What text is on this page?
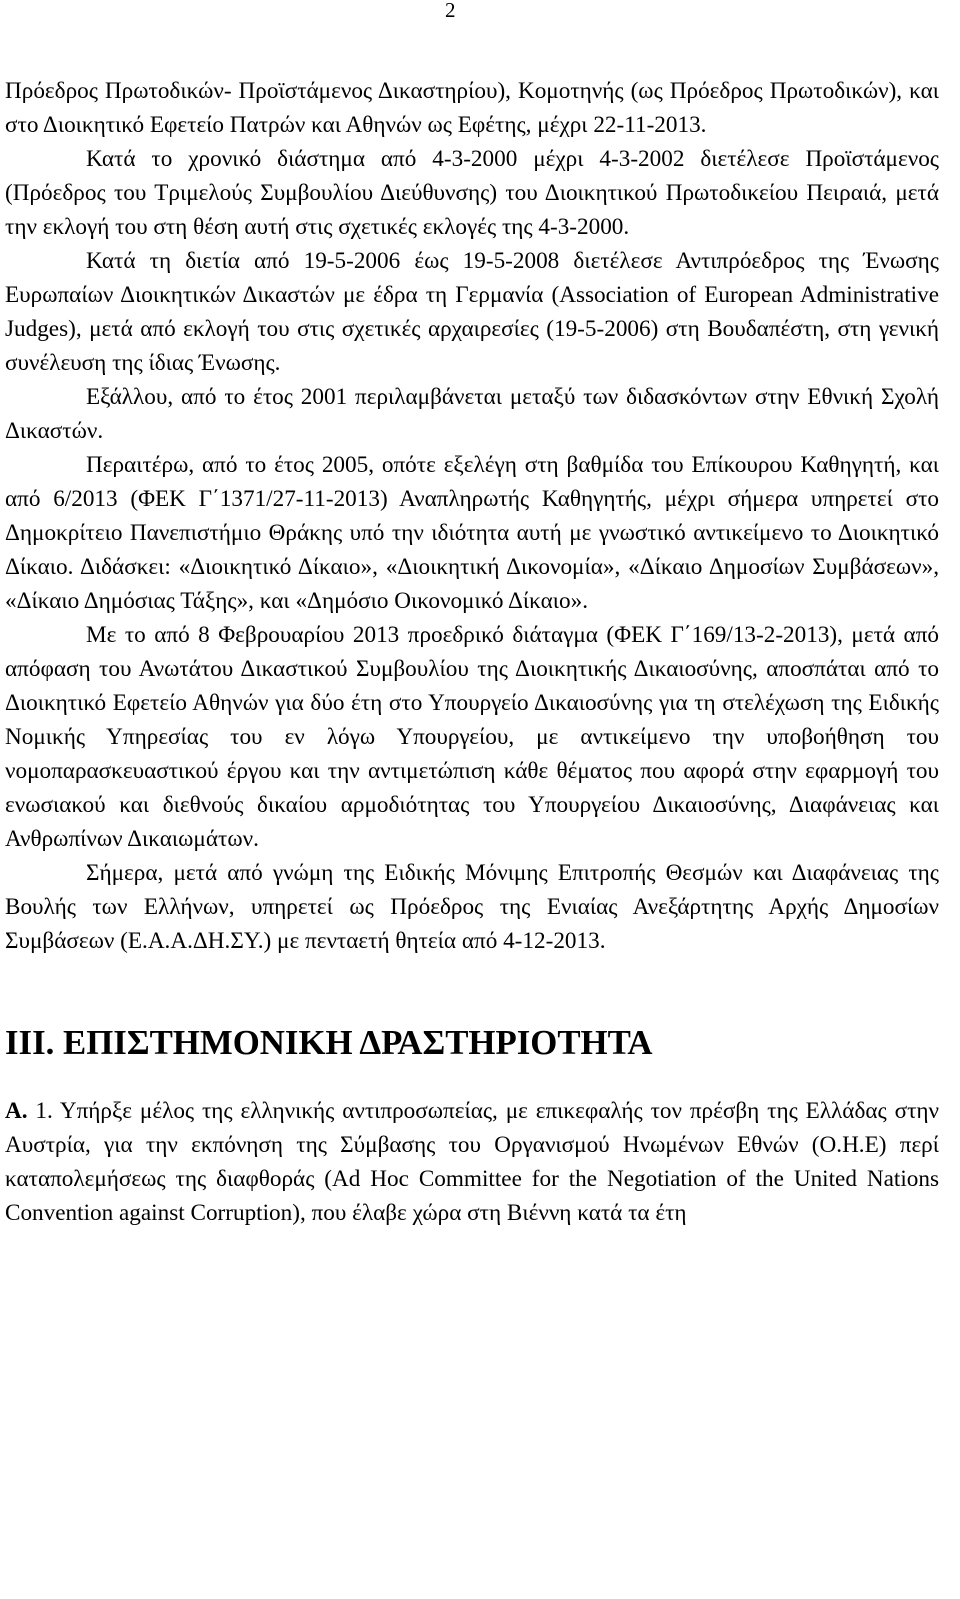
2

Πρόεδρος Πρωτοδικών- Προϊστάμενος Δικαστηρίου), Κομοτηνής (ως Πρόεδρος Πρωτοδικών), και στο Διοικητικό Εφετείο Πατρών και Αθηνών ως Εφέτης, μέχρι 22-11-2013.

Κατά το χρονικό διάστημα από 4-3-2000 μέχρι 4-3-2002 διετέλεσε Προϊστάμενος (Πρόεδρος του Τριμελούς Συμβουλίου Διεύθυνσης) του Διοικητικού Πρωτοδικείου Πειραιά, μετά την εκλογή του στη θέση αυτή στις σχετικές εκλογές της 4-3-2000.

Κατά τη διετία από 19-5-2006 έως 19-5-2008 διετέλεσε Αντιπρόεδρος της Ένωσης Ευρωπαίων Διοικητικών Δικαστών με έδρα τη Γερμανία (Association of European Administrative Judges), μετά από εκλογή του στις σχετικές αρχαιρεσίες (19-5-2006) στη Βουδαπέστη, στη γενική συνέλευση της ίδιας Ένωσης.

Εξάλλου, από το έτος 2001 περιλαμβάνεται μεταξύ των διδασκόντων στην Εθνική Σχολή Δικαστών.

Περαιτέρω, από το έτος 2005, οπότε εξελέγη στη βαθμίδα του Επίκουρου Καθηγητή, και από 6/2013 (ΦΕΚ Γ΄1371/27-11-2013) Αναπληρωτής Καθηγητής, μέχρι σήμερα υπηρετεί στο Δημοκρίτειο Πανεπιστήμιο Θράκης υπό την ιδιότητα αυτή με γνωστικό αντικείμενο το Διοικητικό Δίκαιο. Διδάσκει: «Διοικητικό Δίκαιο», «Διοικητική Δικονομία», «Δίκαιο Δημοσίων Συμβάσεων», «Δίκαιο Δημόσιας Τάξης», και «Δημόσιο Οικονομικό Δίκαιο».

Με το από 8 Φεβρουαρίου 2013 προεδρικό διάταγμα (ΦΕΚ Γ΄169/13-2-2013), μετά από απόφαση του Ανωτάτου Δικαστικού Συμβουλίου της Διοικητικής Δικαιοσύνης, αποσπάται από το Διοικητικό Εφετείο Αθηνών για δύο έτη στο Υπουργείο Δικαιοσύνης για τη στελέχωση της Ειδικής Νομικής Υπηρεσίας του εν λόγω Υπουργείου, με αντικείμενο την υποβοήθηση του νομοπαρασκευαστικού έργου και την αντιμετώπιση κάθε θέματος που αφορά στην εφαρμογή του ενωσιακού και διεθνούς δικαίου αρμοδιότητας του Υπουργείου Δικαιοσύνης, Διαφάνειας και Ανθρωπίνων Δικαιωμάτων.

Σήμερα, μετά από γνώμη της Ειδικής Μόνιμης Επιτροπής Θεσμών και Διαφάνειας της Βουλής των Ελλήνων, υπηρετεί ως Πρόεδρος της Ενιαίας Ανεξάρτητης Αρχής Δημοσίων Συμβάσεων (Ε.Α.Α.ΔΗ.ΣΥ.) με πενταετή θητεία από 4-12-2013.

ΙΙΙ. ΕΠΙΣΤΗΜΟΝΙΚΗ ΔΡΑΣΤΗΡΙΟΤΗΤΑ

Α. 1. Υπήρξε μέλος της ελληνικής αντιπροσωπείας, με επικεφαλής τον πρέσβη της Ελλάδας στην Αυστρία, για την εκπόνηση της Σύμβασης του Οργανισμού Ηνωμένων Εθνών (Ο.Η.Ε) περί καταπολεμήσεως της διαφθοράς (Ad Hoc Committee for the Negotiation of the United Nations Convention against Corruption), που έλαβε χώρα στη Βιέννη κατά τα έτη
